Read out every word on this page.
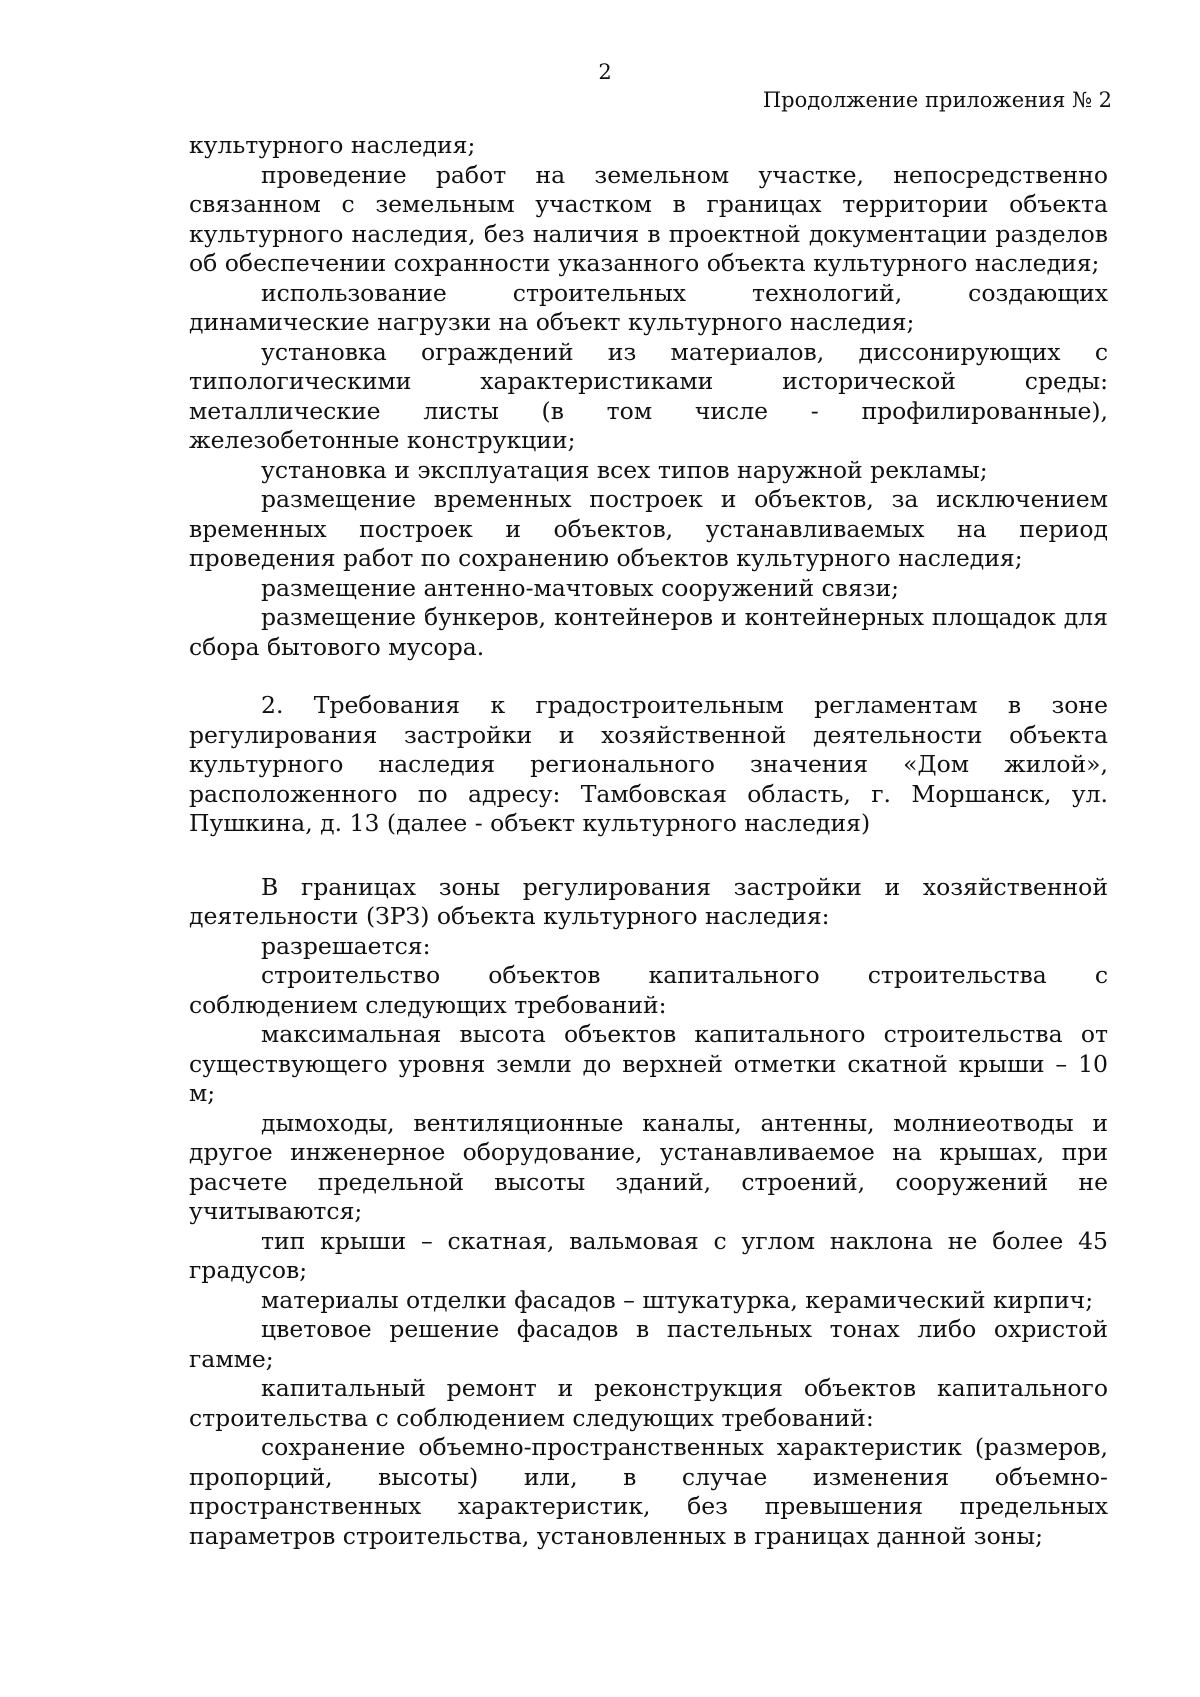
2
Продолжение приложения № 2

культурного наследия;

проведение работ на земельном участке, непосредственно связанном с земельным участком в границах территории объекта культурного наследия, без наличия в проектной документации разделов об обеспечении сохранности указанного объекта культурного наследия;

использование строительных технологий, создающих динамические нагрузки на объект культурного наследия;

установка ограждений из материалов, диссонирующих с типологическими характеристиками исторической среды: металлические листы (в том числе - профилированные), железобетонные конструкции;

установка и эксплуатация всех типов наружной рекламы;

размещение временных построек и объектов, за исключением временных построек и объектов, устанавливаемых на период проведения работ по сохранению объектов культурного наследия;

размещение антенно-мачтовых сооружений связи;

размещение бункеров, контейнеров и контейнерных площадок для сбора бытового мусора.

2. Требования к градостроительным регламентам в зоне регулирования застройки и хозяйственной деятельности объекта культурного наследия регионального значения «Дом жилой», расположенного по адресу: Тамбовская область, г. Моршанск, ул. Пушкина, д. 13 (далее - объект культурного наследия)

В границах зоны регулирования застройки и хозяйственной деятельности (ЗРЗ) объекта культурного наследия:

разрешается:

строительство объектов капитального строительства с соблюдением следующих требований:

максимальная высота объектов капитального строительства от существующего уровня земли до верхней отметки скатной крыши – 10 м;

дымоходы, вентиляционные каналы, антенны, молниеотводы и другое инженерное оборудование, устанавливаемое на крышах, при расчете предельной высоты зданий, строений, сооружений не учитываются;

тип крыши – скатная, вальмовая с углом наклона не более 45 градусов;

материалы отделки фасадов – штукатурка, керамический кирпич;

цветовое решение фасадов в пастельных тонах либо охристой гамме;

капитальный ремонт и реконструкция объектов капитального строительства с соблюдением следующих требований:

сохранение объемно-пространственных характеристик (размеров, пропорций, высоты) или, в случае изменения объемно-пространственных характеристик, без превышения предельных параметров строительства, установленных в границах данной зоны;
